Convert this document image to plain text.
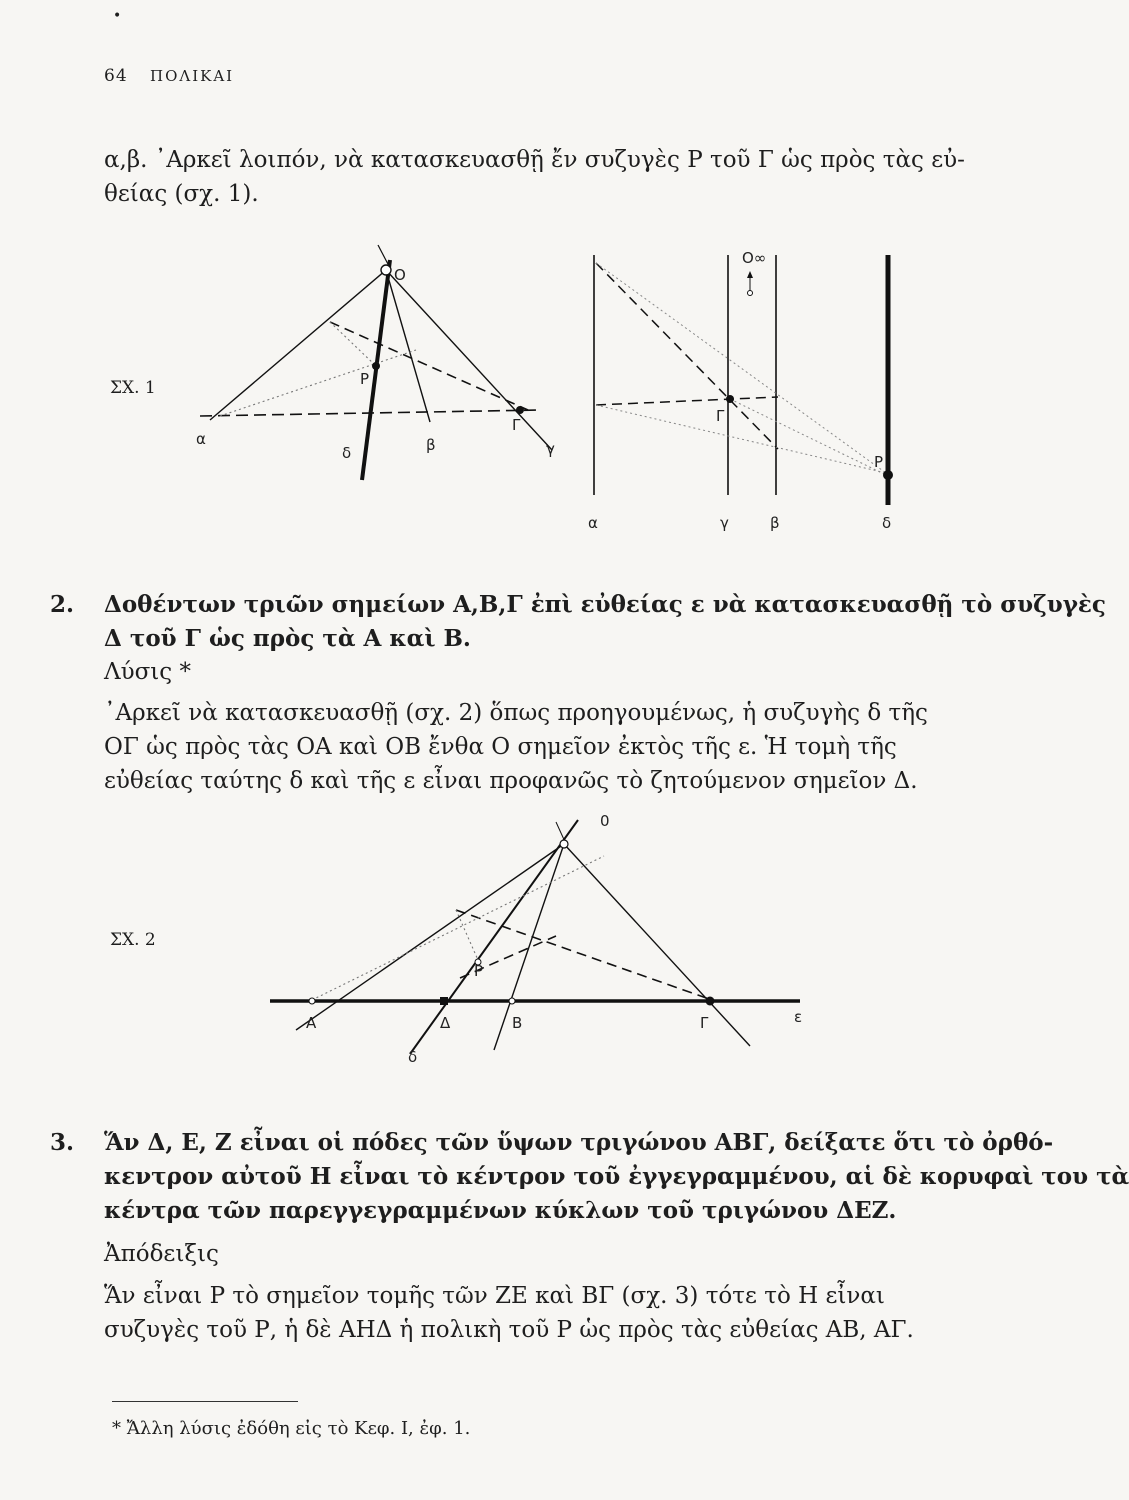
•
64 ΠΟΛΙΚΑΙ
α,β. ᾿Αρκεῖ λοιπόν, νὰ κατασκευασθῇ ἔν συζυγὲς Ρ τοῦ Γ ὡς πρὸς τὰς εὐ-
θείας (σχ. 1).
ΣΧ. 1
O
P
α
δ	β
Γ
γ
O∞
Γ
P
α	γ	β	δ
2. Δοθέντων τριῶν σημείων Α,Β,Γ ἐπὶ εὐθείας ε νὰ κατασκευασθῇ τὸ συζυγὲς
Δ τοῦ Γ ὡς πρὸς τὰ Α καὶ Β.
Λύσις *
᾿Αρκεῖ νὰ κατασκευασθῇ (σχ. 2) ὅπως προηγουμένως, ἡ συζυγὴς δ τῆς
ΟΓ ὡς πρὸς τὰς ΟΑ καὶ ΟΒ ἔνθα Ο σημεῖον ἐκτὸς τῆς ε. Ἡ τομὴ τῆς
εὐθείας ταύτης δ καὶ τῆς ε εἶναι προφανῶς τὸ ζητούμενον σημεῖον Δ.
ΣΧ. 2
0
P
A	Δ	B	Γ	ε
δ
3. Ἅν Δ, Ε, Ζ εἶναι οἱ πόδες τῶν ὕψων τριγώνου ΑΒΓ, δείξατε ὅτι τὸ ὀρθό-
κεντρον αὐτοῦ Η εἶναι τὸ κέντρον τοῦ ἐγγεγραμμένου, αἱ δὲ κορυφαὶ του τὰ
κέντρα τῶν παρεγγεγραμμένων κύκλων τοῦ τριγώνου ΔΕΖ.
Ἀπόδειξις
Ἅν εἶναι Ρ τὸ σημεῖον τομῆς τῶν ΖΕ καὶ ΒΓ (σχ. 3) τότε τὸ Η εἶναι
συζυγὲς τοῦ Ρ, ἡ δὲ ΑΗΔ ἡ πολικὴ τοῦ Ρ ὡς πρὸς τὰς εὐθείας ΑΒ, ΑΓ.
* Ἄλλη λύσις ἐδόθη εἰς τὸ Κεφ. Ι, ἐφ. 1.
